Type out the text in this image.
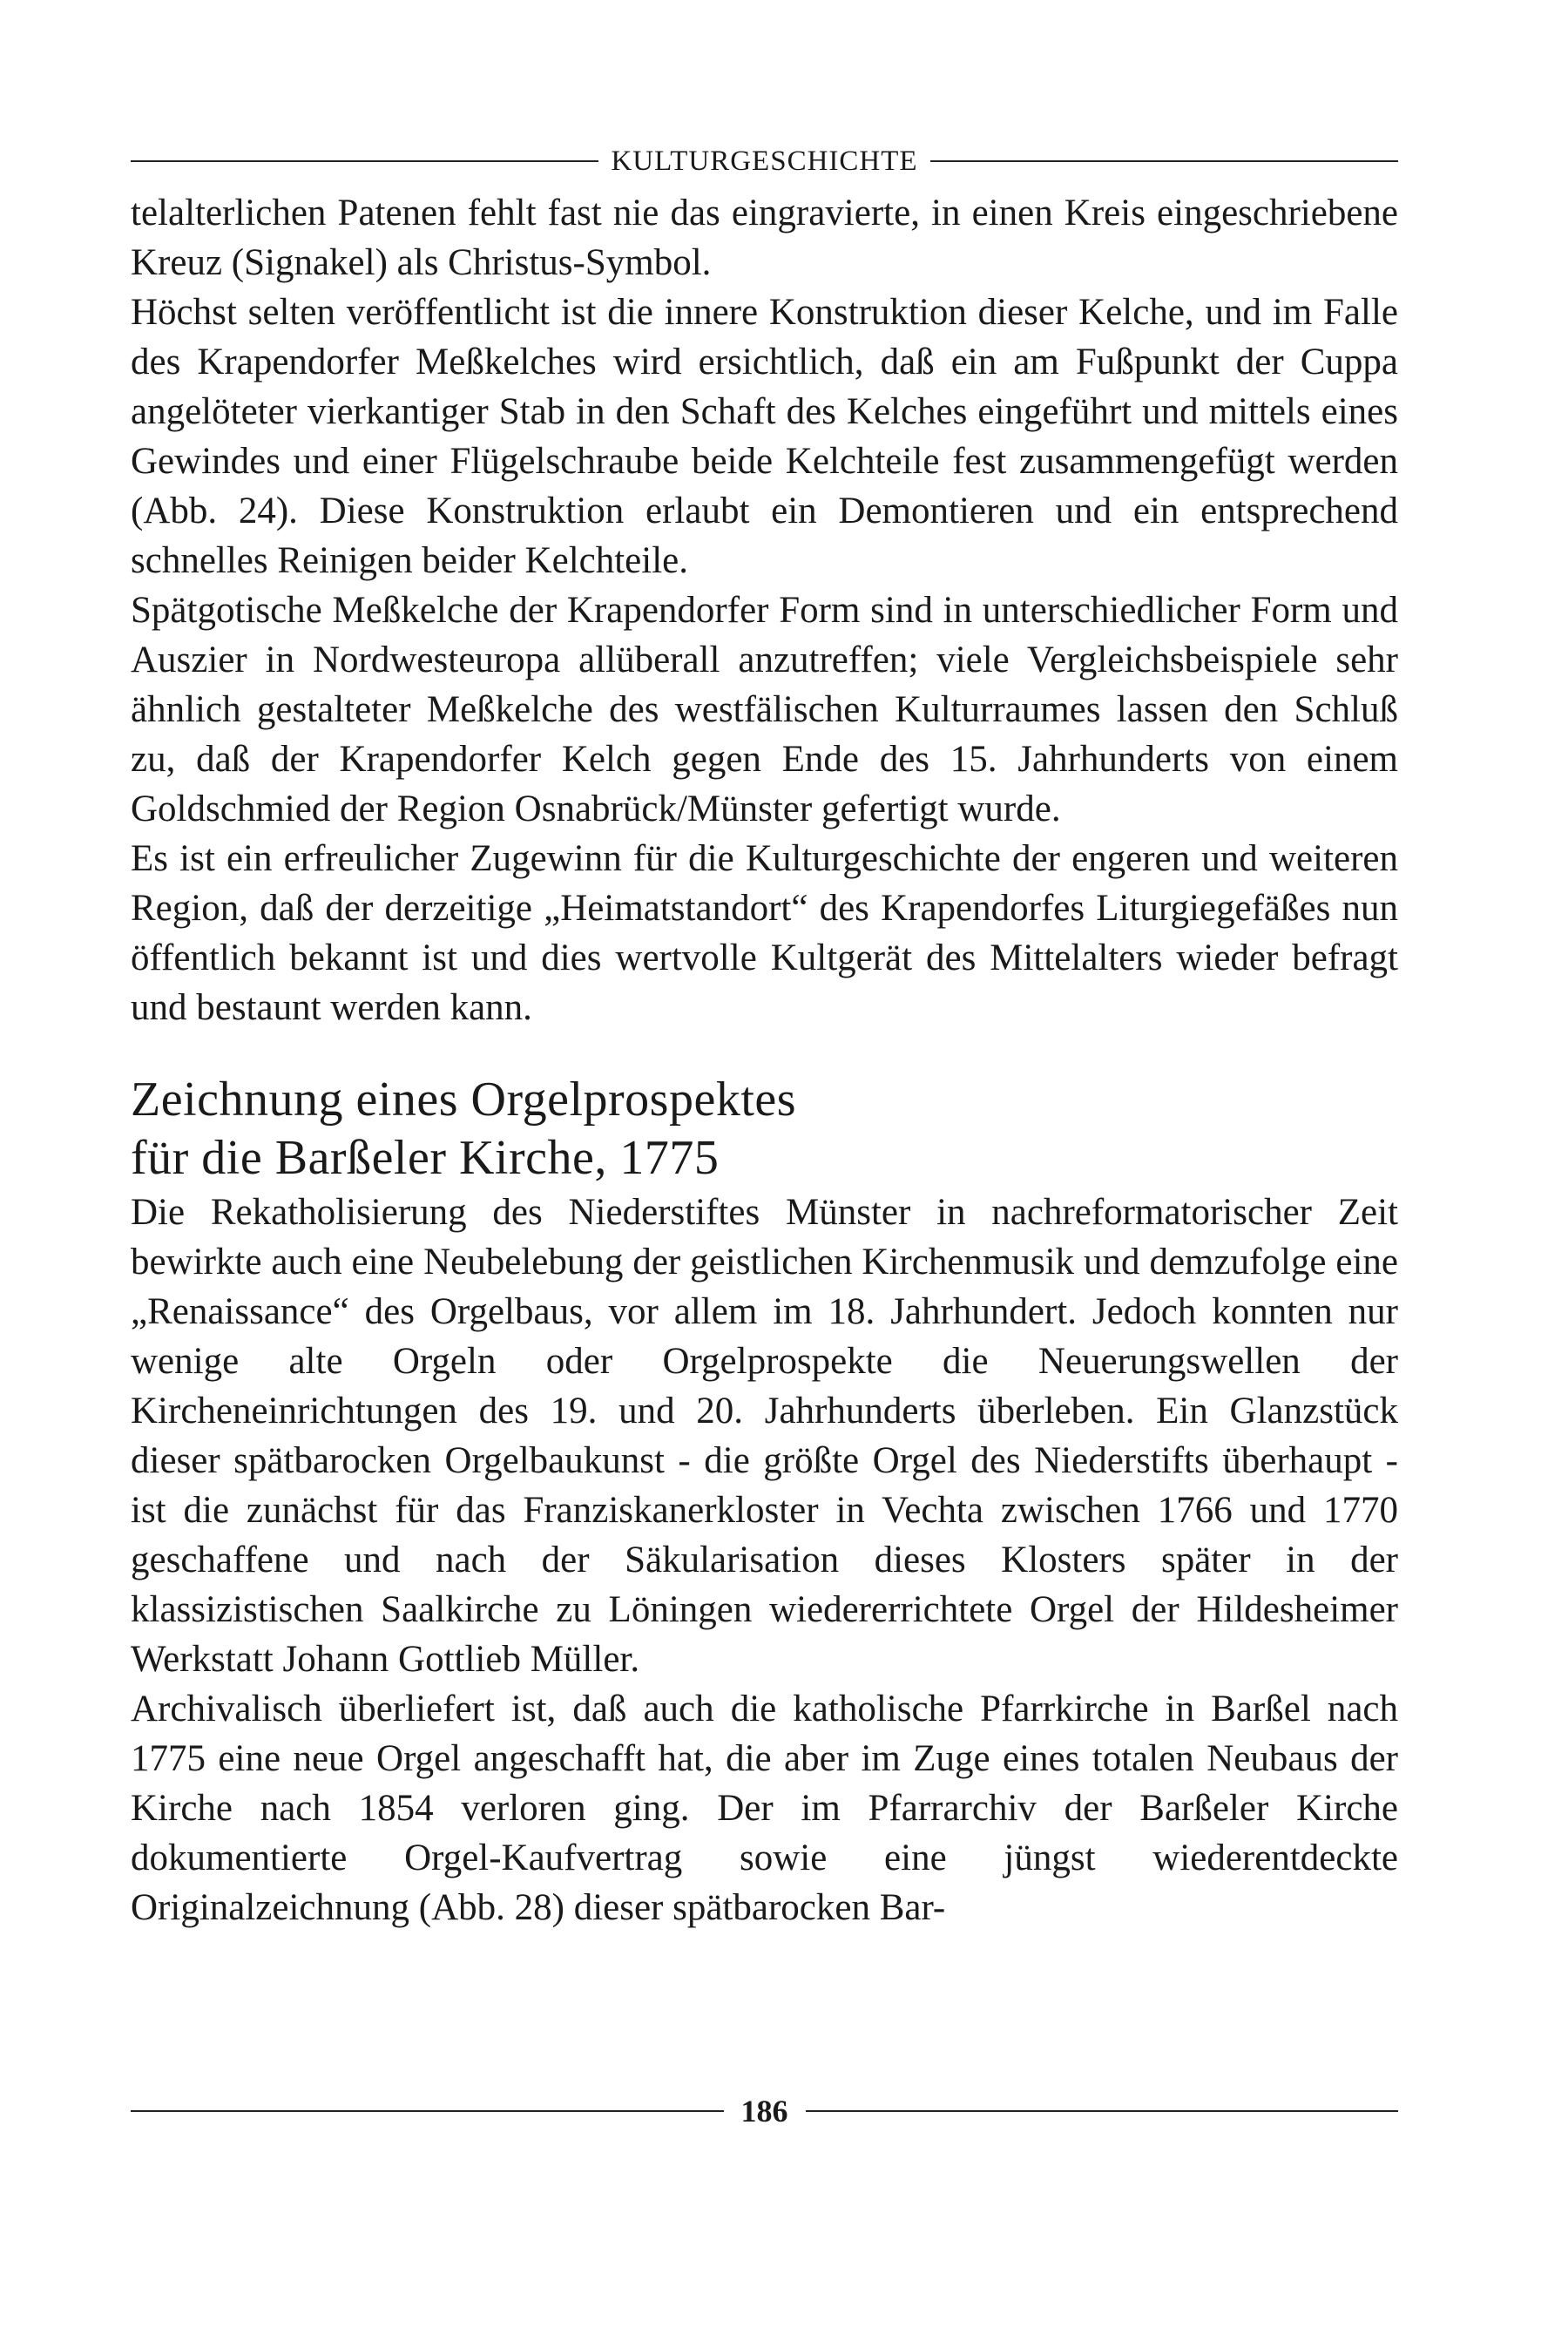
KULTURGESCHICHTE

telalterlichen Patenen fehlt fast nie das eingravierte, in einen Kreis eingeschriebene Kreuz (Signakel) als Christus-Symbol.

Höchst selten veröffentlicht ist die innere Konstruktion dieser Kelche, und im Falle des Krapendorfer Meßkelches wird ersichtlich, daß ein am Fußpunkt der Cuppa angelöteter vierkantiger Stab in den Schaft des Kelches eingeführt und mittels eines Gewindes und einer Flügelschraube beide Kelchteile fest zusammengefügt werden (Abb. 24). Diese Konstruktion erlaubt ein Demontieren und ein entsprechend schnelles Reinigen beider Kelchteile.

Spätgotische Meßkelche der Krapendorfer Form sind in unterschiedlicher Form und Auszier in Nordwesteuropa allüberall anzutreffen; viele Vergleichsbeispiele sehr ähnlich gestalteter Meßkelche des westfälischen Kulturraumes lassen den Schluß zu, daß der Krapendorfer Kelch gegen Ende des 15. Jahrhunderts von einem Goldschmied der Region Osnabrück/Münster gefertigt wurde.

Es ist ein erfreulicher Zugewinn für die Kulturgeschichte der engeren und weiteren Region, daß der derzeitige „Heimatstandort“ des Krapendorfes Liturgiegefäßes nun öffentlich bekannt ist und dies wertvolle Kultgerät des Mittelalters wieder befragt und bestaunt werden kann.

Zeichnung eines Orgelprospektes
für die Barßeler Kirche, 1775

Die Rekatholisierung des Niederstiftes Münster in nachreformatorischer Zeit bewirkte auch eine Neubelebung der geistlichen Kirchenmusik und demzufolge eine „Renaissance“ des Orgelbaus, vor allem im 18. Jahrhundert. Jedoch konnten nur wenige alte Orgeln oder Orgelprospekte die Neuerungswellen der Kircheneinrichtungen des 19. und 20. Jahrhunderts überleben. Ein Glanzstück dieser spätbarocken Orgelbaukunst - die größte Orgel des Niederstifts überhaupt - ist die zunächst für das Franziskanerkloster in Vechta zwischen 1766 und 1770 geschaffene und nach der Säkularisation dieses Klosters später in der klassizistischen Saalkirche zu Löningen wiedererrichtete Orgel der Hildesheimer Werkstatt Johann Gottlieb Müller.

Archivalisch überliefert ist, daß auch die katholische Pfarrkirche in Barßel nach 1775 eine neue Orgel angeschafft hat, die aber im Zuge eines totalen Neubaus der Kirche nach 1854 verloren ging. Der im Pfarrarchiv der Barßeler Kirche dokumentierte Orgel-Kaufvertrag sowie eine jüngst wiederentdeckte Originalzeichnung (Abb. 28) dieser spätbarocken Bar-

186
